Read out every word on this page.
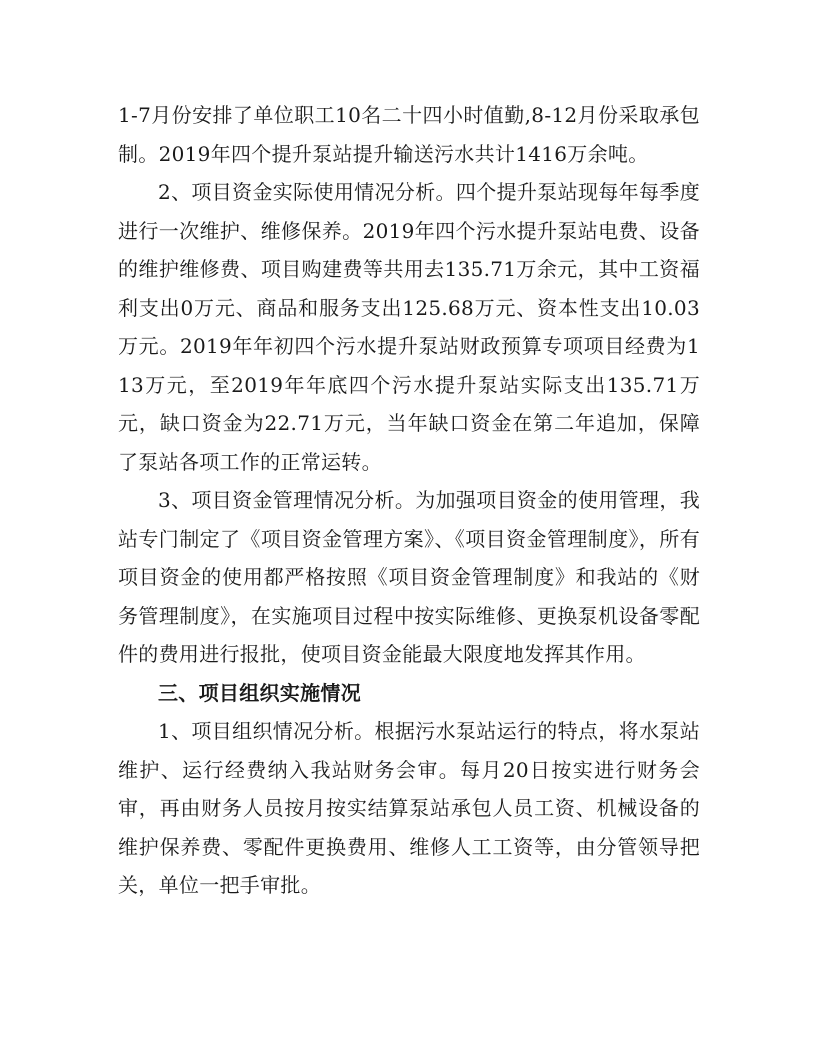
1-7月份安排了单位职工10名二十四小时值勤,8-12月份采取承包制。2019年四个提升泵站提升输送污水共计1416万余吨。

2、项目资金实际使用情况分析。四个提升泵站现每年每季度进行一次维护、维修保养。2019年四个污水提升泵站电费、设备的维护维修费、项目购建费等共用去135.71万余元，其中工资福利支出0万元、商品和服务支出125.68万元、资本性支出10.03万元。2019年年初四个污水提升泵站财政预算专项项目经费为113万元，至2019年年底四个污水提升泵站实际支出135.71万元，缺口资金为22.71万元，当年缺口资金在第二年追加，保障了泵站各项工作的正常运转。

3、项目资金管理情况分析。为加强项目资金的使用管理，我站专门制定了《项目资金管理方案》、《项目资金管理制度》，所有项目资金的使用都严格按照《项目资金管理制度》和我站的《财务管理制度》，在实施项目过程中按实际维修、更换泵机设备零配件的费用进行报批，使项目资金能最大限度地发挥其作用。

三、项目组织实施情况

1、项目组织情况分析。根据污水泵站运行的特点，将水泵站维护、运行经费纳入我站财务会审。每月20日按实进行财务会审，再由财务人员按月按实结算泵站承包人员工资、机械设备的维护保养费、零配件更换费用、维修人工工资等，由分管领导把关，单位一把手审批。
